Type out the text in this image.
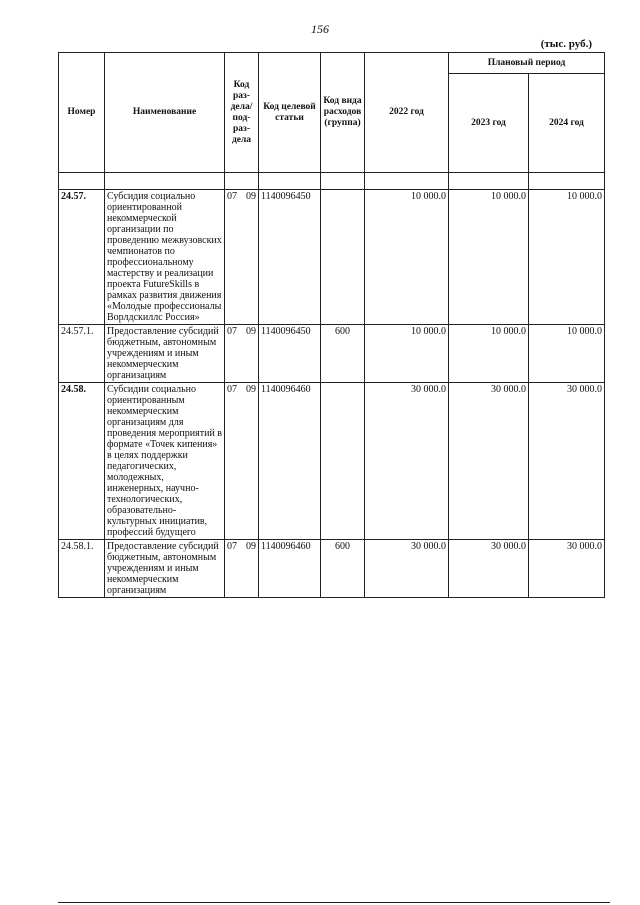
156
(тыс. руб.)
Номер	Наименование	Код раз-дела/ под-раз-дела	Код целевой статьи	Код вида расходов (группа)	2022 год	Плановый период	
						2023 год	2024 год

24.57.	Субсидия социально ориентированной некоммерческой организации по проведению межвузовских чемпионатов по профессиональному мастерству и реализации проекта FutureSkills в рамках развития движения «Молодые профессионалы Ворлдскиллс Россия»	07 09	1140096450		10 000.0	10 000.0	10 000.0
24.57.1.	Предоставление субсидий бюджетным, автономным учреждениям и иным некоммерческим организациям	07 09	1140096450	600	10 000.0	10 000.0	10 000.0
24.58.	Субсидии социально ориентированным некоммерческим организациям для проведения мероприятий в формате «Точек кипения» в целях поддержки педагогических, молодежных, инженерных, научно-технологических, образовательно-культурных инициатив, профессий будущего	07 09	1140096460		30 000.0	30 000.0	30 000.0
24.58.1.	Предоставление субсидий бюджетным, автономным учреждениям и иным некоммерческим организациям	07 09	1140096460	600	30 000.0	30 000.0	30 000.0
